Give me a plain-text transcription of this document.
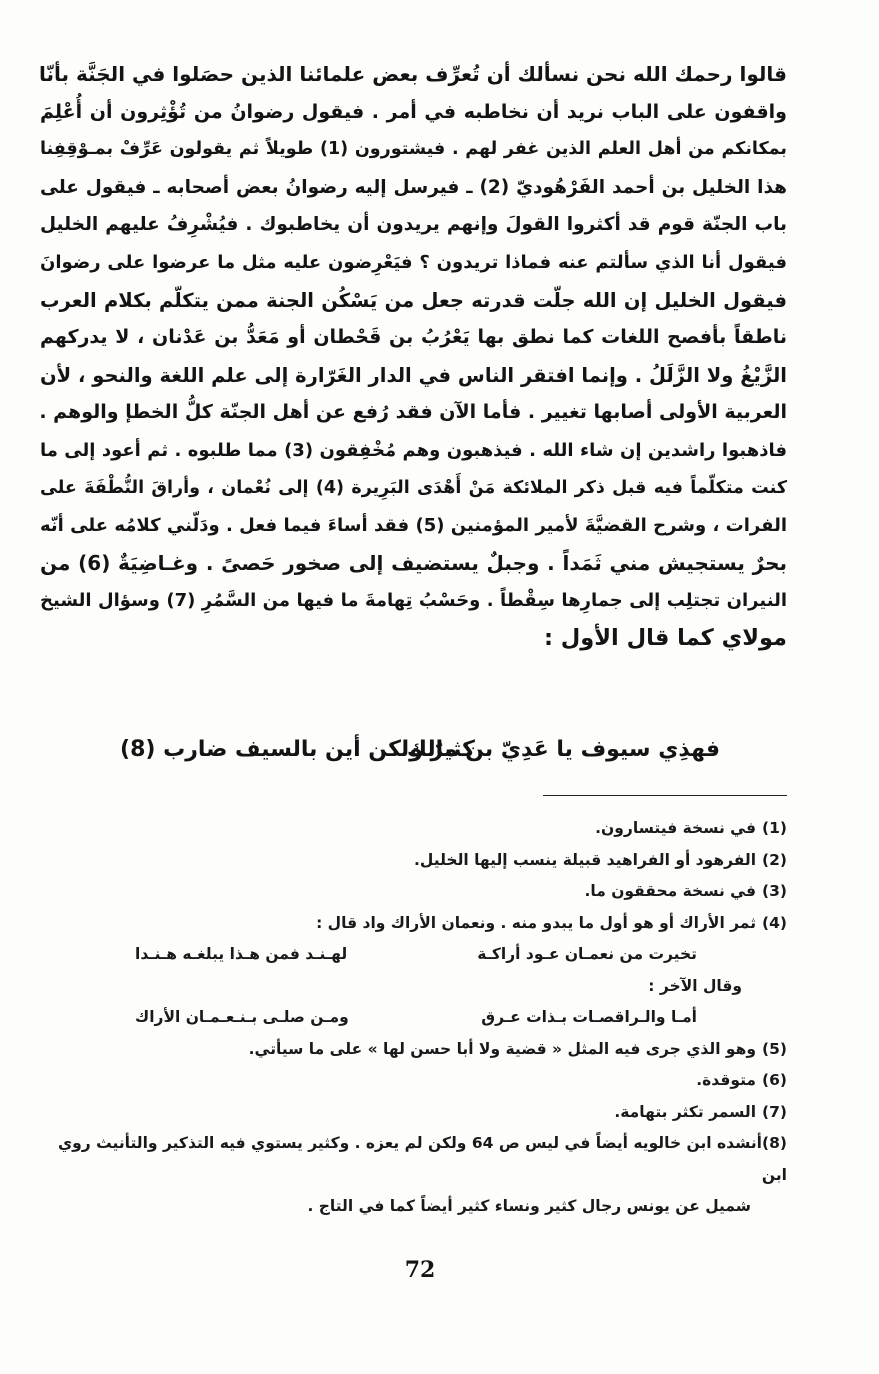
قالوا رحمك الله نحن نسألك أن تُعرِّف بعض علمائنا الذين حصَلوا في الجَنَّة بأنّا
واقفون على الباب نريد أن نخاطبه في أمر . فيقول رضوانُ من تُؤْثِرون أن أُعْلِمَ
بمكانكم من أهل العلم الذين غفر لهم . فيشتورون (1) طويلاً ثم يقولون عَرِّفْ بمـوْقِفِنا
هذا الخليل بن أحمد الفَرْهُوديّ (2) ـ فيرسل إليه رضوانُ بعض أصحابه ـ فيقول على
باب الجنّة قوم قد أكثروا القولَ وإنهم يريدون أن يخاطبوك . فيُشْرِفُ عليهم الخليل
فيقول أنا الذي سألتم عنه فماذا تريدون ؟ فيَعْرِضون عليه مثل ما عرضوا على رضوانَ
فيقول الخليل إن الله جلّت قدرته جعل من يَسْكُن الجنة ممن يتكلّم بكلام العرب
ناطقاً بأفصح اللغات كما نطق بها يَعْرُبُ بن قَحْطان أو مَعَدُّ بن عَدْنان ، لا يدركهم
الزَّيْغُ ولا الزَّلَلُ . وإنما افتقر الناس في الدار الغَرّارة إلى علم اللغة والنحو ، لأن
العربية الأولى أصابها تغيير . فأما الآن فقد رُفع عن أهل الجنّة كلُّ الخطإ والوهم .
فاذهبوا راشدين إن شاء الله . فيذهبون وهم مُخْفِقون (3) مما طلبوه . ثم أعود إلى ما
كنت متكلّماً فيه قبل ذكر الملائكة مَنْ أَهْدَى البَرِيرة (4) إلى نُعْمان ، وأراقَ النُّطْفَةَ على
الفرات ، وشرح القضيَّةَ لأمير المؤمنين (5) فقد أساءَ فيما فعل . ودَلّني كلامُه على أنّه
بحرٌ يستجيش مني ثَمَداً . وجبلٌ يستضيف إلى صخور حَصىً . وغـاضِيَةٌ (6) من
النيران تجتلِب إلى جمارِها سِقْطاً . وحَسْبُ تِهامةَ ما فيها من السَّمُرِ (7) وسؤال الشيخ
مولاي كما قال الأول :
فهذِي سيوف يا عَدِيّ بن مالك
كثيرٌ ولكن أين بالسيف ضارب (8)
(1)في نسخة فيتسارون.
(2)الفرهود أو الفراهيد قبيلة ينسب إليها الخليل.
(3)في نسخة محققون ما.
(4)ثمر الأراك أو هو أول ما يبدو منه . ونعمان الأراك واد قال :
تخيرت من نعمـان عـود أراكـة
لهـنـد فمن هـذا يبلغـه هـنـدا
وقال الآخر :
أمـا والـراقصـات بـذات عـرق
ومـن صلـى بـنـعـمـان الأراك
(5)وهو الذي جرى فيه المثل « قضية ولا أبا حسن لها » على ما سيأتي.
(6)متوقدة.
(7)السمر تكثر بتهامة.
(8)أنشده ابن خالويه أيضاً في ليس ص 64 ولكن لم يعزه . وكثير يستوي فيه التذكير والتأنيث روي ابن
شميل عن يونس رجال كثير ونساء كثير أيضاً كما في التاج .
72
